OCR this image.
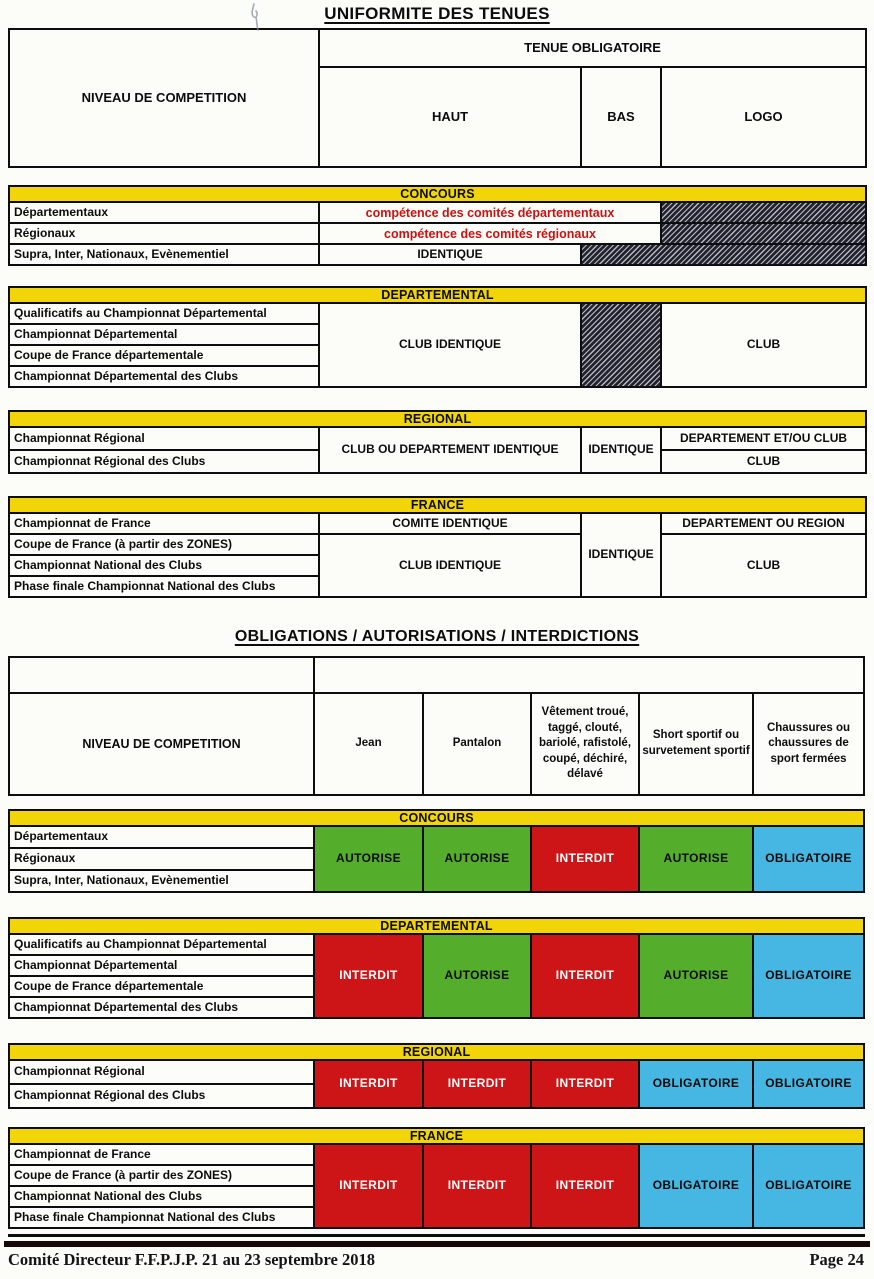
UNIFORMITE DES TENUES
NIVEAU DE COMPETITION	TENUE OBLIGATOIRE		
	HAUT	BAS	LOGO
CONCOURS			
Départementaux	compétence des comités départementaux		
Régionaux	compétence des comités régionaux		
Supra, Inter, Nationaux, Evènementiel	IDENTIQUE		
DEPARTEMENTAL
Qualificatifs au Championnat Départemental	CLUB IDENTIQUE		CLUB
Championnat Départemental
Coupe de France départementale
Championnat Départemental des Clubs
REGIONAL			
Championnat Régional	CLUB OU DEPARTEMENT IDENTIQUE	IDENTIQUE	DEPARTEMENT ET/OU CLUB
Championnat Régional des Clubs			CLUB
FRANCE			
Championnat de France	COMITE IDENTIQUE	IDENTIQUE	DEPARTEMENT OU REGION
Coupe de France (à partir des ZONES)	CLUB IDENTIQUE		CLUB
Championnat National des Clubs			
Phase finale Championnat National des Clubs			
OBLIGATIONS / AUTORISATIONS / INTERDICTIONS

NIVEAU DE COMPETITION	Jean	Pantalon	Vêtement troué, taggé, clouté, bariolé, rafistolé, coupé, déchiré, délavé	Short sportif ou survetement sportif	Chaussures ou chaussures de sport fermées
CONCOURS
Départementaux	AUTORISE	AUTORISE	INTERDIT	AUTORISE	OBLIGATOIRE
Régionaux
Supra, Inter, Nationaux, Evènementiel
DEPARTEMENTAL
Qualificatifs au Championnat Départemental	INTERDIT	AUTORISE	INTERDIT	AUTORISE	OBLIGATOIRE
Championnat Départemental
Coupe de France départementale
Championnat Départemental des Clubs
REGIONAL
Championnat Régional	INTERDIT	INTERDIT	INTERDIT	OBLIGATOIRE	OBLIGATOIRE
Championnat Régional des Clubs
FRANCE
Championnat de France	INTERDIT	INTERDIT	INTERDIT	OBLIGATOIRE	OBLIGATOIRE
Coupe de France (à partir des ZONES)
Championnat National des Clubs
Phase finale Championnat National des Clubs
Comité Directeur F.F.P.J.P. 21 au 23 septembre 2018	Page 24
